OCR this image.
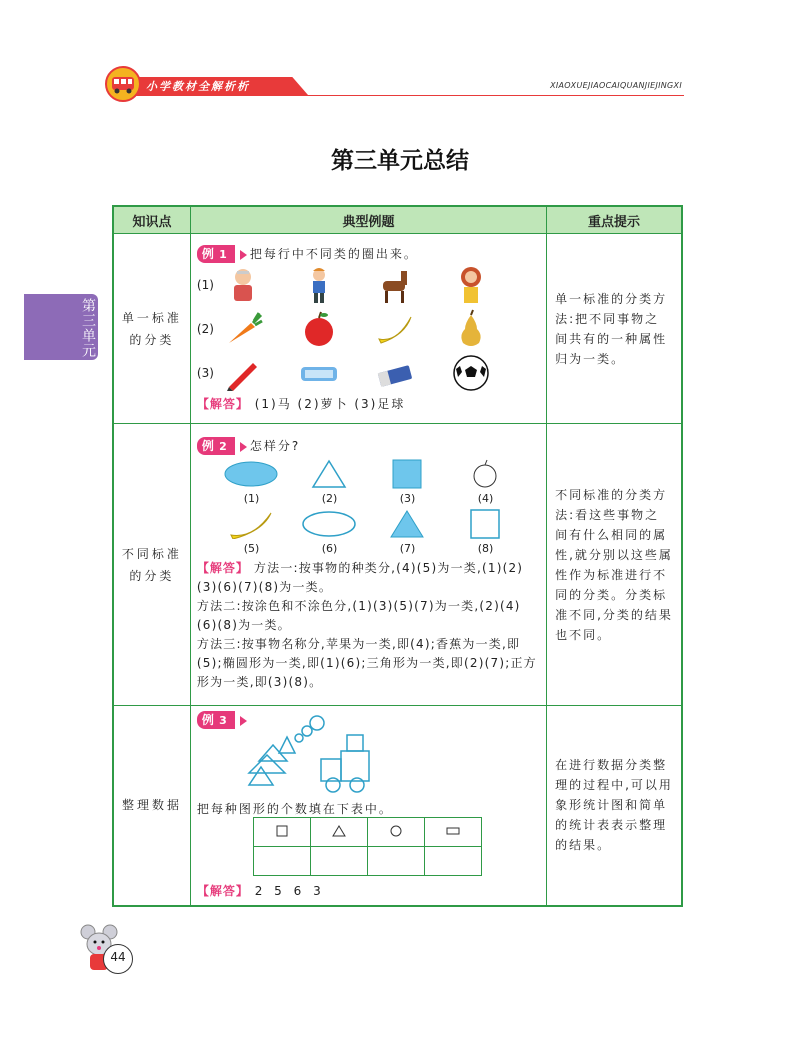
小学教材全解析析	XIAOXUEJIAOCAIQUANJIEJINGXI
第三单元总结
第三单元
知识点	典型例题	重点提示

单一标准的分类

例 1 把每行中不同类的圈出来。
(1)
(2)
(3)
【解答】 (1)马 (2)萝卜 (3)足球
	单一标准的分类方法:把不同事物之间共有的一种属性归为一类。

不同标准的分类

例 2 怎样分?
(1)	(2)	(3)	(4)
(5)	(6)	(7)	(8)
【解答】 方法一:按事物的种类分,(4)(5)为一类,(1)(2)(3)(6)(7)(8)为一类。
方法二:按涂色和不涂色分,(1)(3)(5)(7)为一类,(2)(4)(6)(8)为一类。
方法三:按事物名称分,苹果为一类,即(4);香蕉为一类,即(5);椭圆形为一类,即(1)(6);三角形为一类,即(2)(7);正方形为一类,即(3)(8)。
	不同标准的分类方法:看这些事物之间有什么相同的属性,就分别以这些属性作为标准进行不同的分类。分类标准不同,分类的结果也不同。

整理数据

例 3
把每种图形的个数填在下表中。

【解答】 2 5 6 3
	在进行数据分类整理的过程中,可以用象形统计图和简单的统计表表示整理的结果。
44
